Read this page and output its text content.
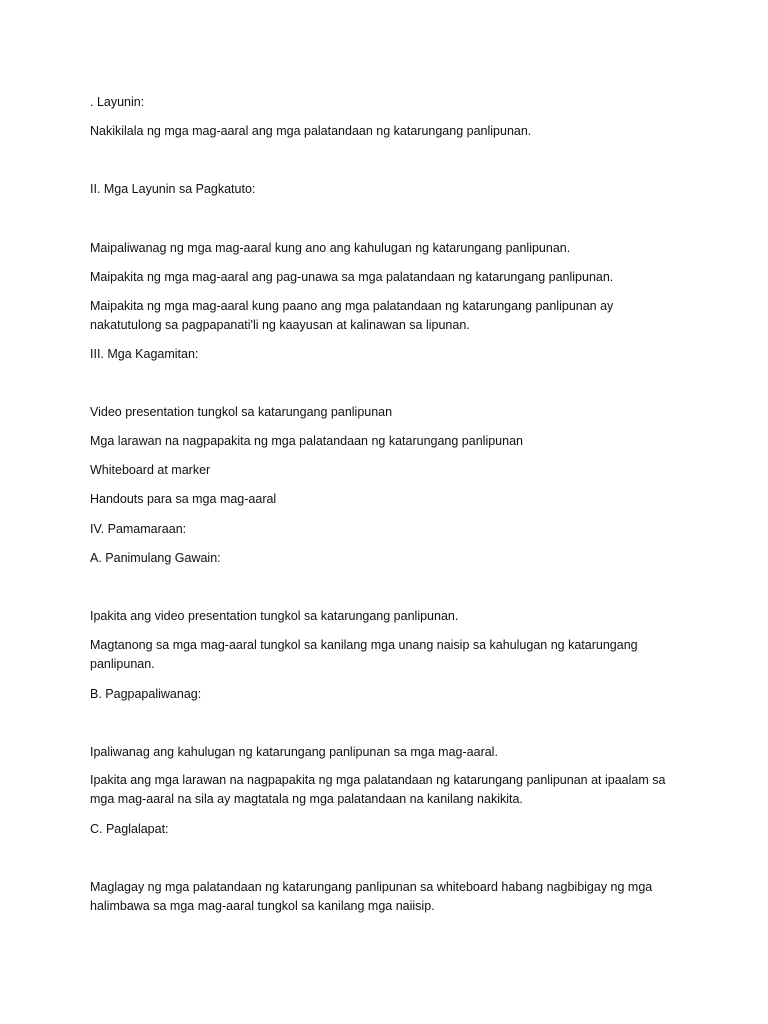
. Layunin:

Nakikilala ng mga mag-aaral ang mga palatandaan ng katarungang panlipunan.

II. Mga Layunin sa Pagkatuto:

Maipaliwanag ng mga mag-aaral kung ano ang kahulugan ng katarungang panlipunan.

Maipakita ng mga mag-aaral ang pag-unawa sa mga palatandaan ng katarungang panlipunan.

Maipakita ng mga mag-aaral kung paano ang mga palatandaan ng katarungang panlipunan ay nakatutulong sa pagpapanati'li ng kaayusan at kalinawan sa lipunan.

III. Mga Kagamitan:

Video presentation tungkol sa katarungang panlipunan

Mga larawan na nagpapakita ng mga palatandaan ng katarungang panlipunan

Whiteboard at marker

Handouts para sa mga mag-aaral

IV. Pamamaraan:

A. Panimulang Gawain:

Ipakita ang video presentation tungkol sa katarungang panlipunan.

Magtanong sa mga mag-aaral tungkol sa kanilang mga unang naisip sa kahulugan ng katarungang panlipunan.

B. Pagpapaliwanag:

Ipaliwanag ang kahulugan ng katarungang panlipunan sa mga mag-aaral.

Ipakita ang mga larawan na nagpapakita ng mga palatandaan ng katarungang panlipunan at ipaalam sa mga mag-aaral na sila ay magtatala ng mga palatandaan na kanilang nakikita.

C. Paglalapat:

Maglagay ng mga palatandaan ng katarungang panlipunan sa whiteboard habang nagbibigay ng mga halimbawa sa mga mag-aaral tungkol sa kanilang mga naiisip.
